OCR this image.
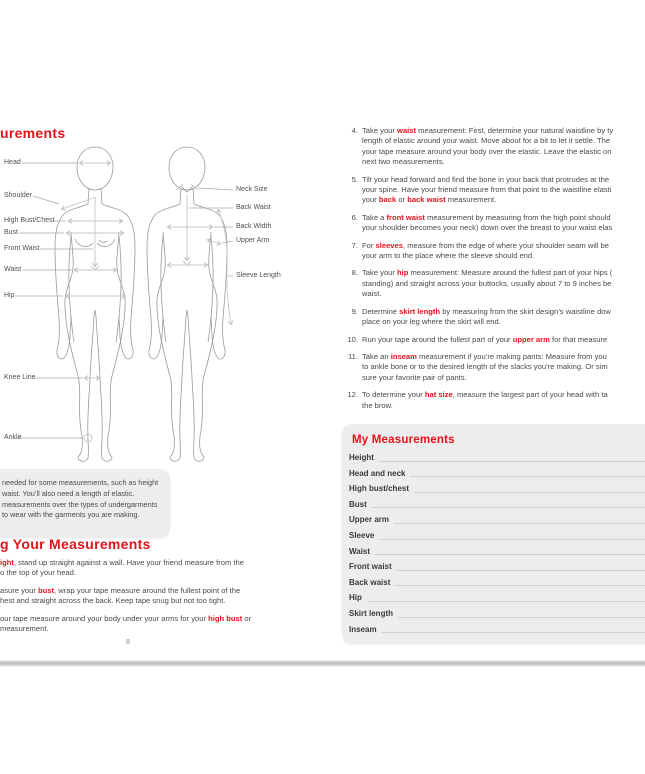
urements
Head
Shoulder
High Bust/Chest
Bust
Front Waist
Waist
Hip
Knee Line
Ankle
Neck Size
Back Waist
Back Width
Upper Arm
Sleeve Length
needed for some measurements, such as height
waist. You’ll also need a length of elastic.
measurements over the types of undergarments
to wear with the garments you are making.
g Your Measurements
ight, stand up straight against a wall. Have your friend measure from the
o the top of your head.
asure your bust, wrap your tape measure around the fullest point of the
hest and straight across the back. Keep tape snug but not too tight.
our tape measure around your body under your arms for your high bust or
measurement.
8
4. Take your waist measurement: First, determine your natural waistline by ty
length of elastic around your waist. Move about for a bit to let it settle. The
your tape measure around your body over the elastic. Leave the elastic on
next two measurements.
5. Tilt your head forward and find the bone in your back that protrudes at the
your spine. Have your friend measure from that point to the waistline elasti
your back or back waist measurement.
6. Take a front waist measurement by measuring from the high point should
your shoulder becomes your neck) down over the breast to your waist elas
7. For sleeves, measure from the edge of where your shoulder seam will be
your arm to the place where the sleeve should end.
8. Take your hip measurement: Measure around the fullest part of your hips (
standing) and straight across your buttocks, usually about 7 to 9 inches be
waist.
9. Determine skirt length by measuring from the skirt design’s waistline dow
place on your leg where the skirt will end.
10. Run your tape around the fullest part of your upper arm for that measure
11. Take an inseam measurement if you’re making pants: Measure from you
to ankle bone or to the desired length of the slacks you’re making. Or sim
sure your favorite pair of pants.
12. To determine your hat size, measure the largest part of your head with ta
the brow.
My Measurements
Height
Head and neck
High bust/chest
Bust
Upper arm
Sleeve
Waist
Front waist
Back waist
Hip
Skirt length
Inseam
